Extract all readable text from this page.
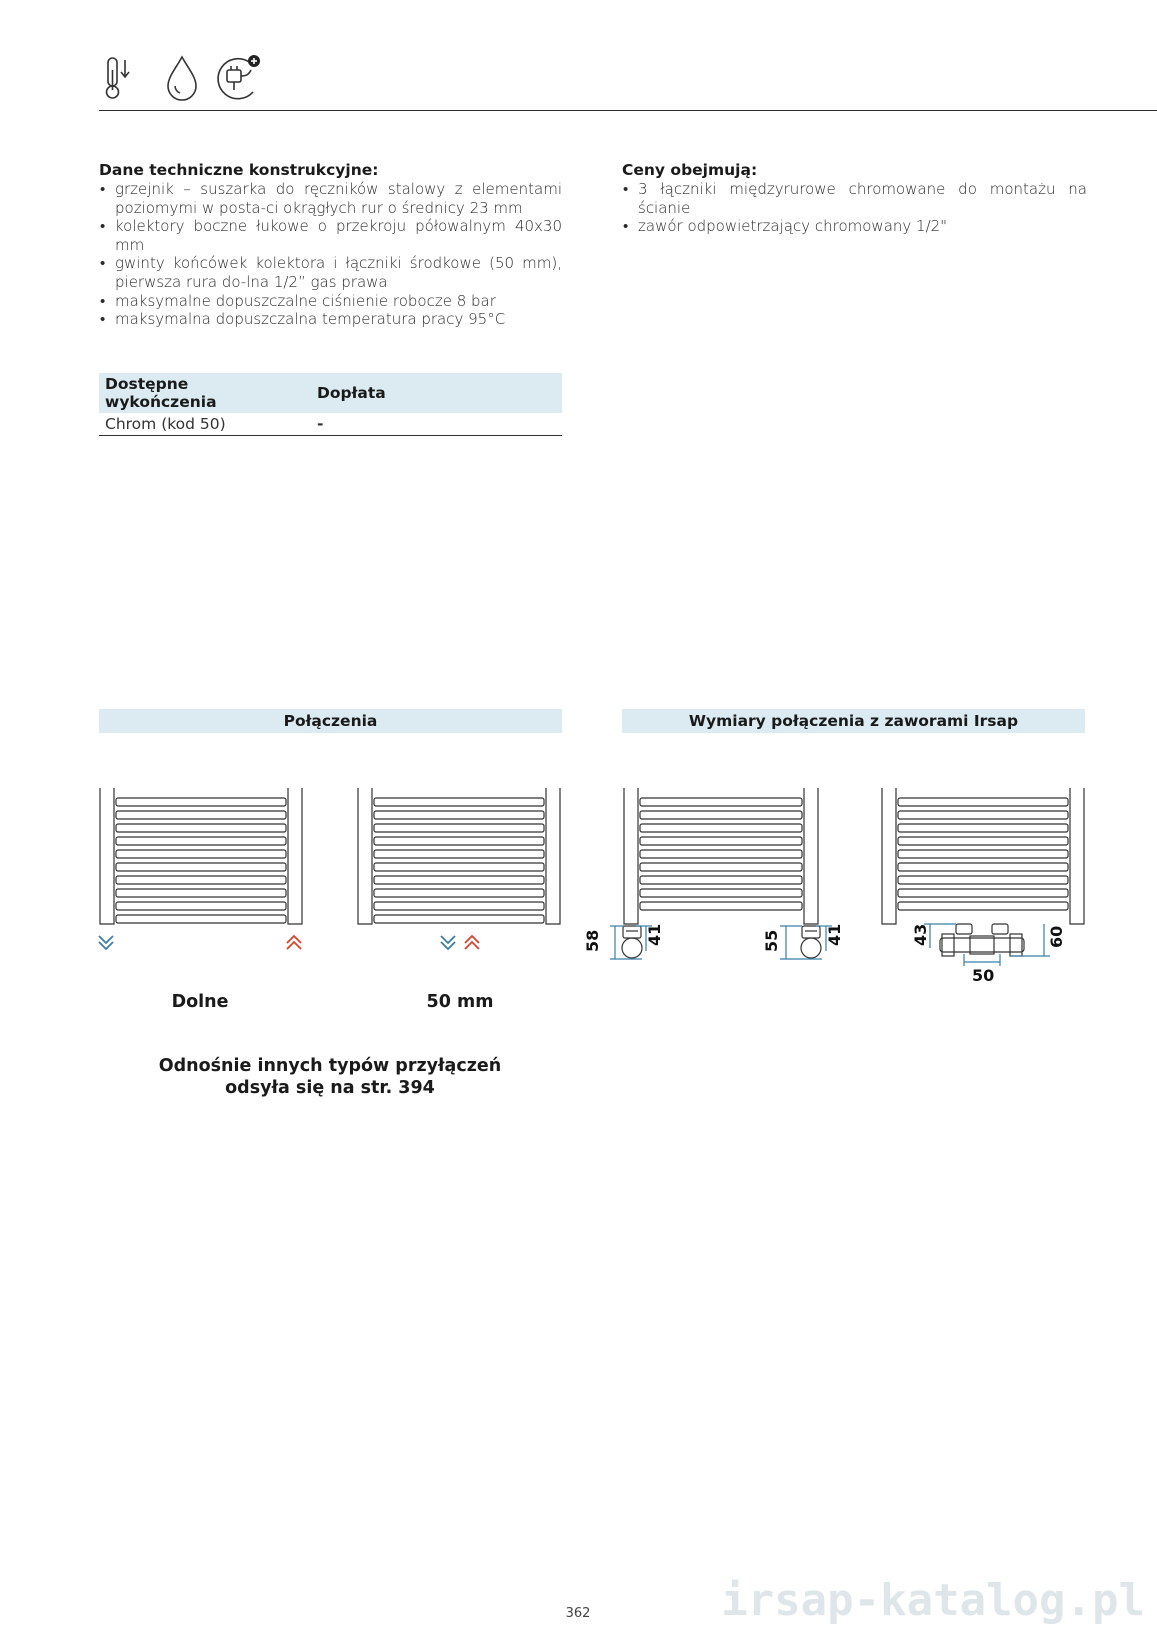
Dane techniczne konstrukcyjne:

• grzejnik – suszarka do ręczników stalowy z elementami poziomymi w posta-ci okrągłych rur o średnicy 23 mm
• kolektory boczne łukowe o przekroju półowalnym 40x30 mm
• gwinty końcówek kolektora i łączniki środkowe (50 mm), pierwsza rura do-lna 1/2” gas prawa
• maksymalne dopuszczalne ciśnienie robocze 8 bar
• maksymalna dopuszczalna temperatura pracy 95°C

Ceny obejmują:

• 3 łączniki międzyrurowe chromowane do montażu na ścianie
• zawór odpowietrzający chromowany 1/2"
Dostępne wykończenia	Dopłata
Chrom (kod 50)	-
Połączenia	Wymiary połączenia z zaworami Irsap
58	41	55	41	43	60
50
Dolne	50 mm
Odnośnie innych typów przyłączeń
odsyła się na str. 394
362	irsap-katalog.pl
